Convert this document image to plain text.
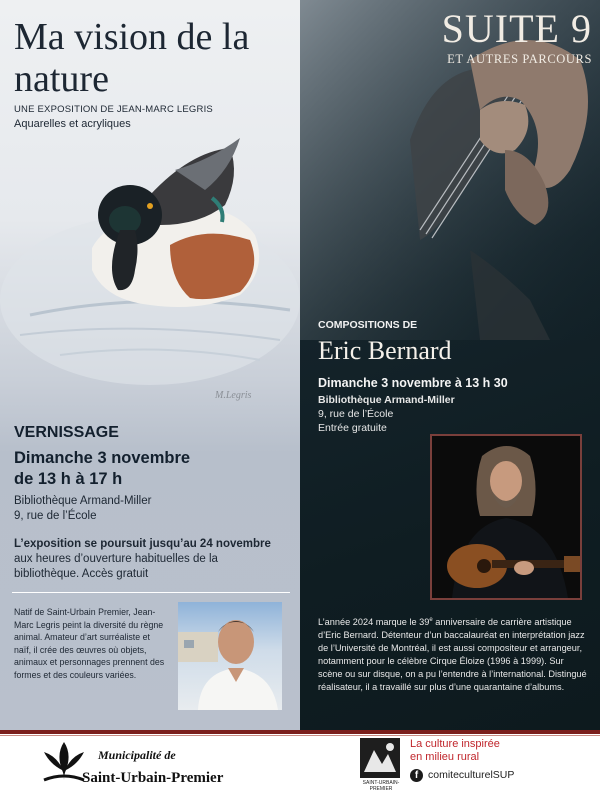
Ma vision de la nature
UNE EXPOSITION DE JEAN-MARC LEGRIS
Aquarelles et acryliques
M.Legris
VERNISSAGE
Dimanche 3 novembre
de 13 h à 17 h
Bibliothèque Armand-Miller
9, rue de l’École
L’exposition se poursuit jusqu’au 24 novembre aux heures d’ouverture habituelles de la bibliothèque. Accès gratuit
Natif de Saint-Urbain Premier, Jean-Marc Legris peint la diversité du règne animal. Amateur d’art surréaliste et naïf, il crée des œuvres où objets, animaux et personnages prennent des formes et des couleurs variées.
SUITE 9
ET AUTRES PARCOURS
COMPOSITIONS DE
Eric Bernard
Dimanche 3 novembre à 13 h 30
Bibliothèque Armand-Miller
9, rue de l’École
Entrée gratuite
L’année 2024 marque le 39e anniversaire de carrière artistique d’Eric Bernard. Détenteur d’un baccalauréat en interprétation jazz de l’Université de Montréal, il est aussi compositeur et arrangeur, notamment pour le célèbre Cirque Éloize (1996 à 1999). Sur scène ou sur disque, on a pu l’entendre à l’international. Distingué réalisateur, il a travaillé sur plus d’une quarantaine d’albums.
Municipalité de
Saint-Urbain-Premier	SAINT-URBAIN-PREMIER
La culture inspirée
en milieu rural
f comiteculturelSUP
